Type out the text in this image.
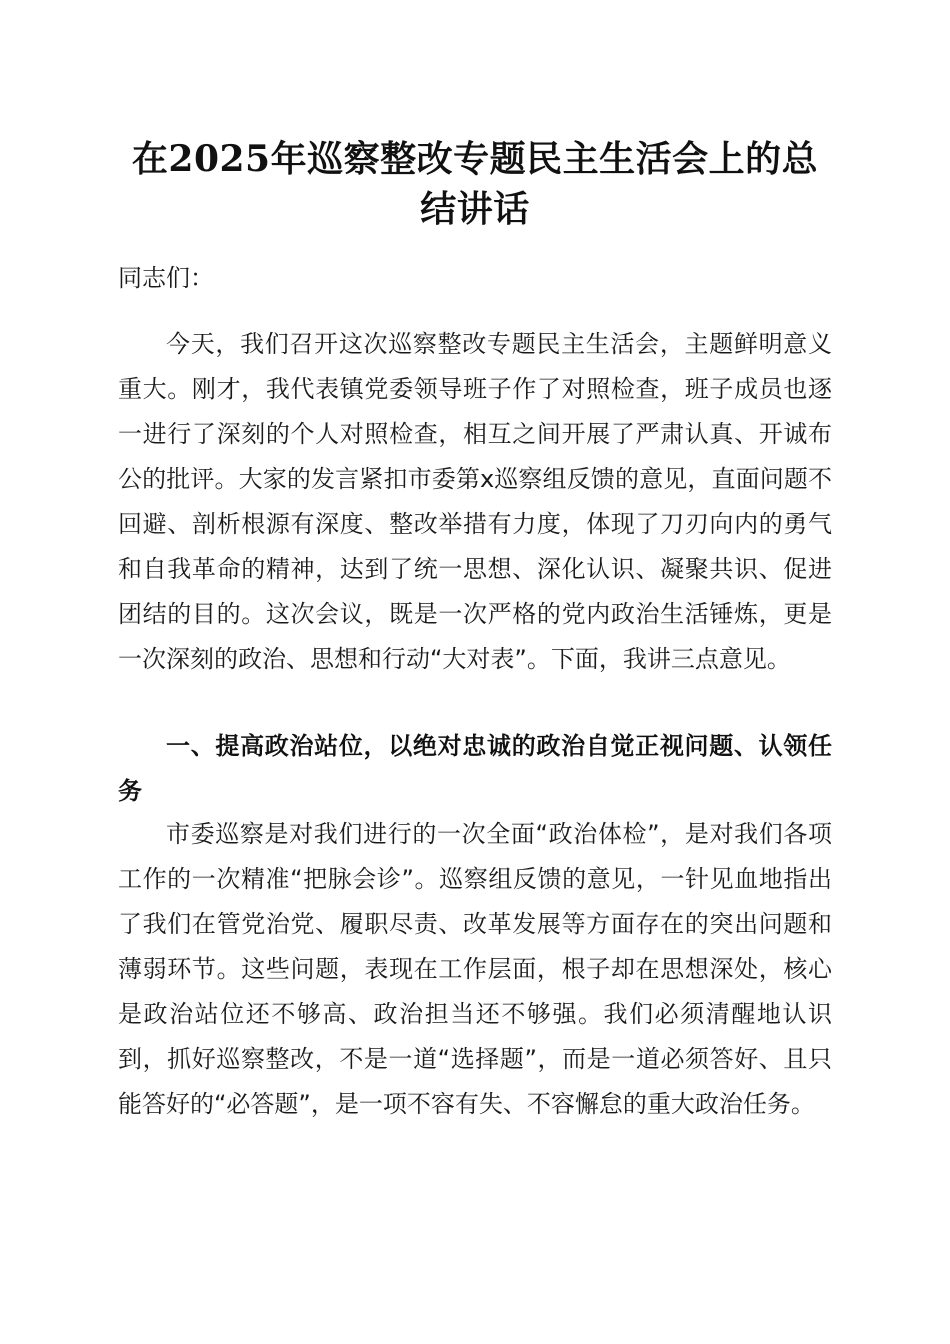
在2025年巡察整改专题民主生活会上的总结讲话

同志们：

今天，我们召开这次巡察整改专题民主生活会，主题鲜明意义重大。刚才，我代表镇党委领导班子作了对照检查，班子成员也逐一进行了深刻的个人对照检查，相互之间开展了严肃认真、开诚布公的批评。大家的发言紧扣市委第x巡察组反馈的意见，直面问题不回避、剖析根源有深度、整改举措有力度，体现了刀刃向内的勇气和自我革命的精神，达到了统一思想、深化认识、凝聚共识、促进团结的目的。这次会议，既是一次严格的党内政治生活锤炼，更是一次深刻的政治、思想和行动“大对表”。下面，我讲三点意见。

一、提高政治站位，以绝对忠诚的政治自觉正视问题、认领任务

市委巡察是对我们进行的一次全面“政治体检”，是对我们各项工作的一次精准“把脉会诊”。巡察组反馈的意见，一针见血地指出了我们在管党治党、履职尽责、改革发展等方面存在的突出问题和薄弱环节。这些问题，表现在工作层面，根子却在思想深处，核心是政治站位还不够高、政治担当还不够强。我们必须清醒地认识到，抓好巡察整改，不是一道“选择题”，而是一道必须答好、且只能答好的“必答题”，是一项不容有失、不容懈怠的重大政治任务。
